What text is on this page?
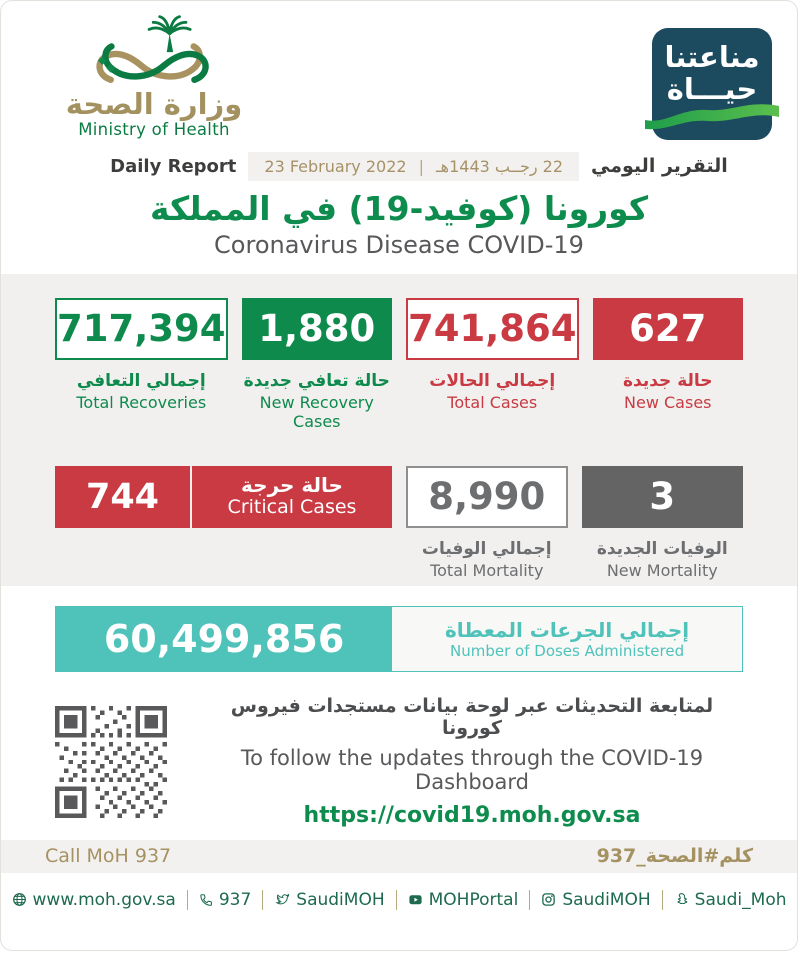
وزارة الصحة
Ministry of Health
مناعتنا
حيـــاة
Daily Report 23 February 2022 | 22 رجــب 1443هـ التقرير اليومي
كورونا (كوفيد-19) في المملكة
Coronavirus Disease COVID-19
717,394
إجمالي التعافي
Total Recoveries
1,880
حالة تعافي جديدة
New Recovery Cases
741,864
إجمالي الحالات
Total Cases
627
حالة جديدة
New Cases
744	حالة حرجة
Critical Cases	8,990
إجمالي الوفيات
Total Mortality
3
الوفيات الجديدة
New Mortality
60,499,856	إجمالي الجرعات المعطاة
Number of Doses Administered
لمتابعة التحديثات عبر لوحة بيانات مستجدات فيروس كورونا
To follow the updates through the COVID-19 Dashboard
https://covid19.moh.gov.sa
Call MoH 937	كلم#الصحة_937
www.moh.gov.sa	937	SaudiMOH	MOHPortal	SaudiMOH	Saudi_Moh
